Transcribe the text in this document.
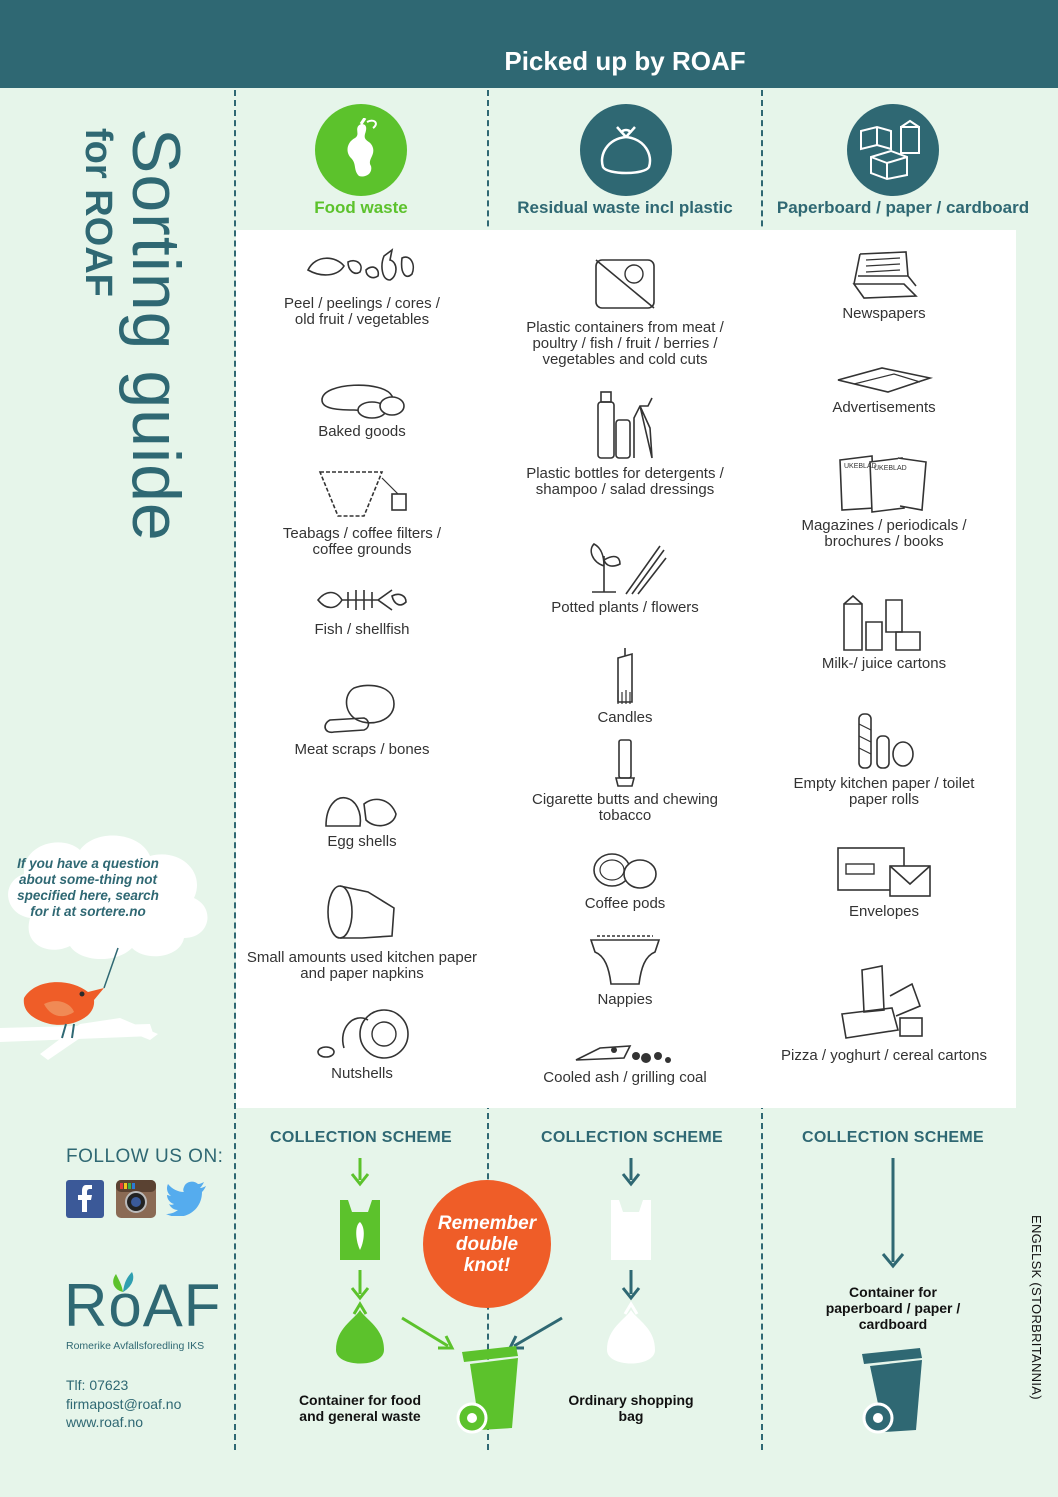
Picked up by ROAF
Sorting guide
for ROAF	Food waste	Residual waste incl plastic	Paperboard / paper / cardboard
Peel / peelings / cores / old fruit / vegetables
Baked goods
Teabags / coffee filters / coffee grounds
Fish / shellfish
Meat scraps / bones
Egg shells
Small amounts used kitchen paper and paper napkins
Nutshells
Plastic containers from meat / poultry / fish / fruit / berries / vegetables and cold cuts
Plastic bottles for detergents / shampoo / salad dressings
Potted plants / flowers
Candles
Cigarette butts and chewing tobacco
Coffee pods
Nappies
Cooled ash / grilling coal
Newspapers
Advertisements
UKEBLAD
UKEBLAD
Magazines / periodicals / brochures / books
Milk-/ juice cartons
Empty kitchen paper / toilet paper rolls
Envelopes
Pizza / yoghurt / cereal cartons
COLLECTION SCHEME	COLLECTION SCHEME	COLLECTION SCHEME
Remember
double
knot!
Container for food and general waste
Ordinary shopping bag
Container for paperboard / paper / cardboard
If you have a question about some-thing not specified here, search for it at sortere.no
FOLLOW US ON:
RoAF
Romerike Avfallsforedling IKS
Tlf: 07623
firmapost@roaf.no
www.roaf.no
ENGELSK (STORBRITANNIA)
